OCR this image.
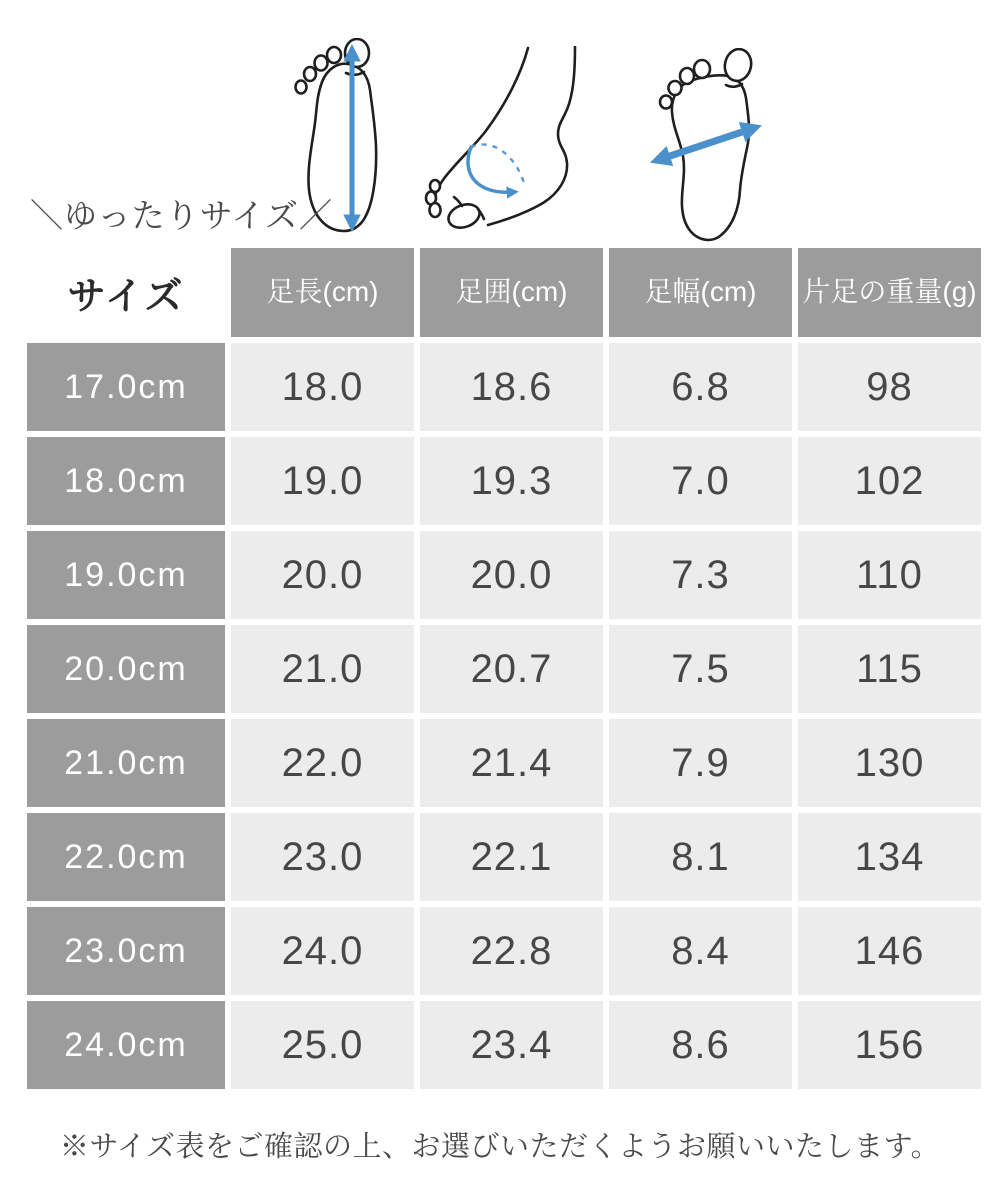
＼ゆったりサイズ／
サイズ	足長(cm)	足囲(cm)	足幅(cm)	片足の重量(g)
17.0cm	18.0	18.6	6.8	98
18.0cm	19.0	19.3	7.0	102
19.0cm	20.0	20.0	7.3	110
20.0cm	21.0	20.7	7.5	115
21.0cm	22.0	21.4	7.9	130
22.0cm	23.0	22.1	8.1	134
23.0cm	24.0	22.8	8.4	146
24.0cm	25.0	23.4	8.6	156
※サイズ表をご確認の上、お選びいただくようお願いいたします。
